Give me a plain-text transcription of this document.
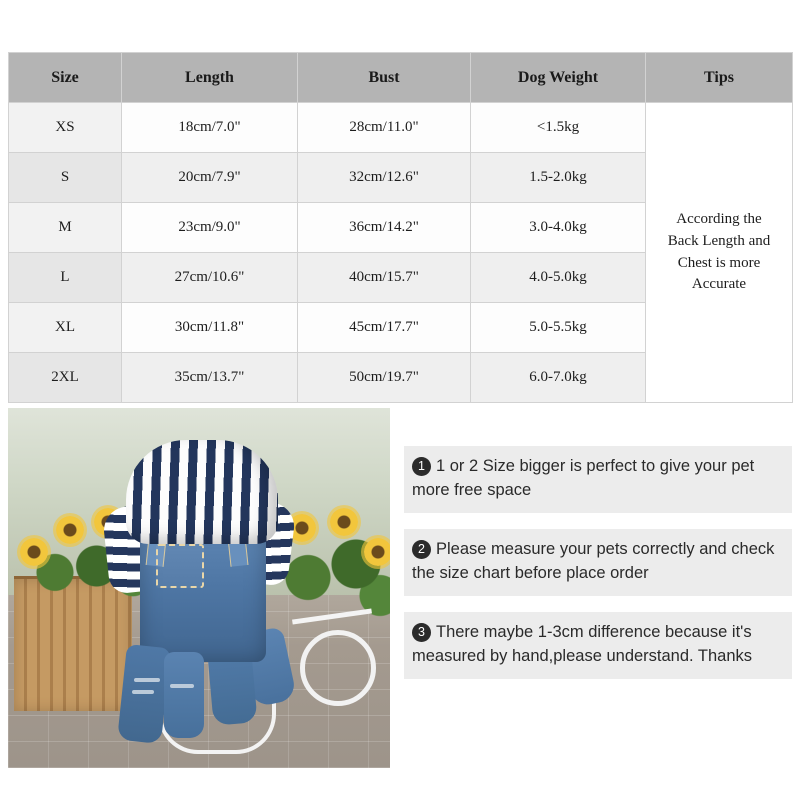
Size	Length	Bust	Dog Weight	Tips
XS	18cm/7.0"	28cm/11.0"	<1.5kg	According the
Back Length and
Chest is more
Accurate

S	20cm/7.9"	32cm/12.6"	1.5-2.0kg	
M	23cm/9.0"	36cm/14.2"	3.0-4.0kg	
L	27cm/10.6"	40cm/15.7"	4.0-5.0kg	
XL	30cm/11.8"	45cm/17.7"	5.0-5.5kg	
2XL	35cm/13.7"	50cm/19.7"	6.0-7.0kg	
1 1 or 2 Size bigger is perfect to give your pet more free space
2 Please measure your pets correctly and check the size chart before place order
3 There maybe 1-3cm difference because it's measured by hand,please understand. Thanks
